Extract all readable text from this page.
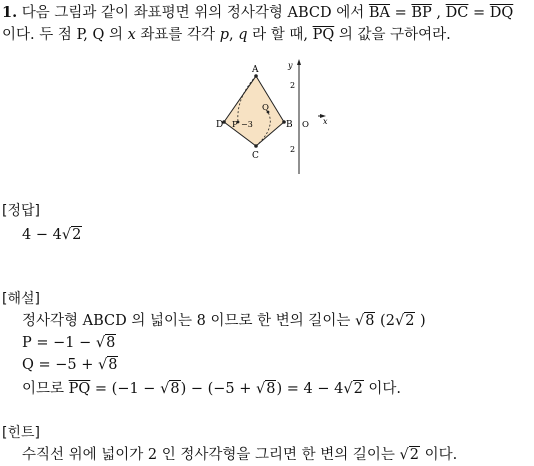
1. 다음 그림과 같이 좌표평면 위의 정사각형 ABCD 에서 $\overline{BA} = \overline{BP}$ , $\overline{DC} = \overline{DQ}$
이다. 두 점 P, Q 의 x 좌표를 각각 p, q 라 할 때, $\overline{PQ}$ 의 값을 구하여라.
A
B
C
D P
Q
−3	O
y
x
2
2
[정답]
4 − 4√2
[해설]
정사각형 ABCD 의 넓이는 8 이므로 한 변의 길이는 √8 (2√2 )
P = −1 − √8
Q = −5 + √8
이므로 $\overline{PQ} = (-1 - √8) - (-5 + √8) = 4 - 4√2$ 이다.
[힌트]
수직선 위에 넓이가 2 인 정사각형을 그리면 한 변의 길이는 √2 이다.
